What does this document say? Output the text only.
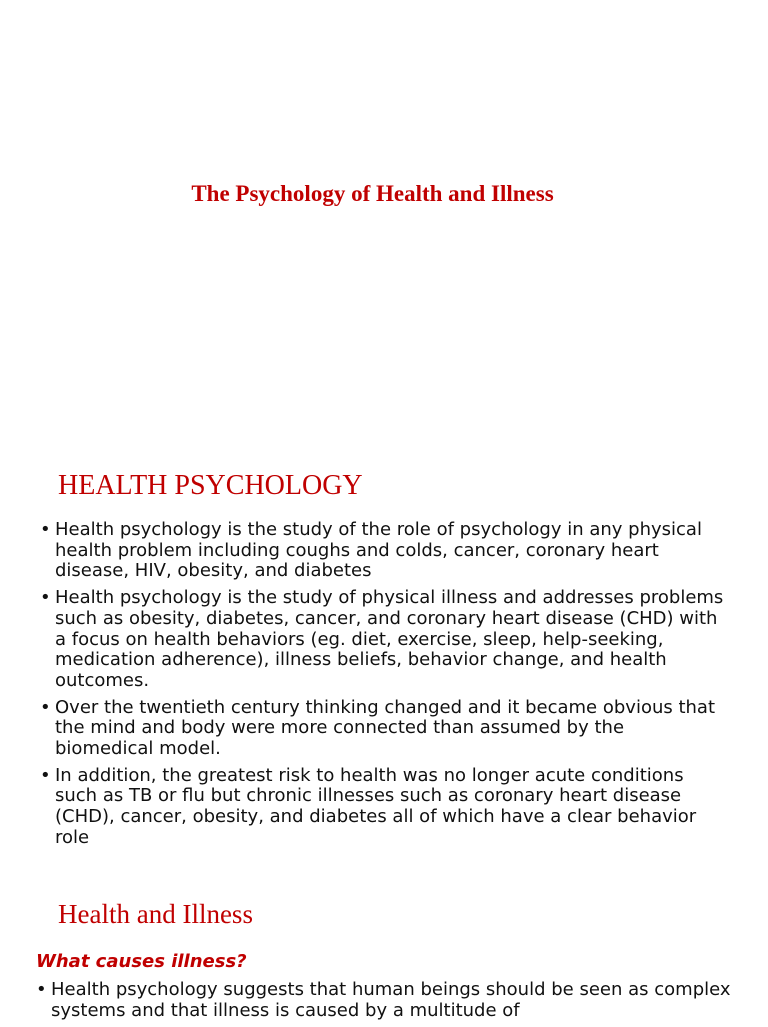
The Psychology of Health and Illness
HEALTH PSYCHOLOGY
• Health psychology is the study of the role of psychology in any physical health problem including coughs and colds, cancer, coronary heart disease, HIV, obesity, and diabetes
• Health psychology is the study of physical illness and addresses problems such as obesity, diabetes, cancer, and coronary heart disease (CHD) with a focus on health behaviors (eg. diet, exercise, sleep, help-seeking, medication adherence), illness beliefs, behavior change, and health outcomes.
• Over the twentieth century thinking changed and it became obvious that the mind and body were more connected than assumed by the biomedical model.
• In addition, the greatest risk to health was no longer acute conditions such as TB or flu but chronic illnesses such as coronary heart disease (CHD), cancer, obesity, and diabetes all of which have a clear behavior role
Health and Illness

What causes illness?

• Health psychology suggests that human beings should be seen as complex systems and that illness is caused by a multitude of
